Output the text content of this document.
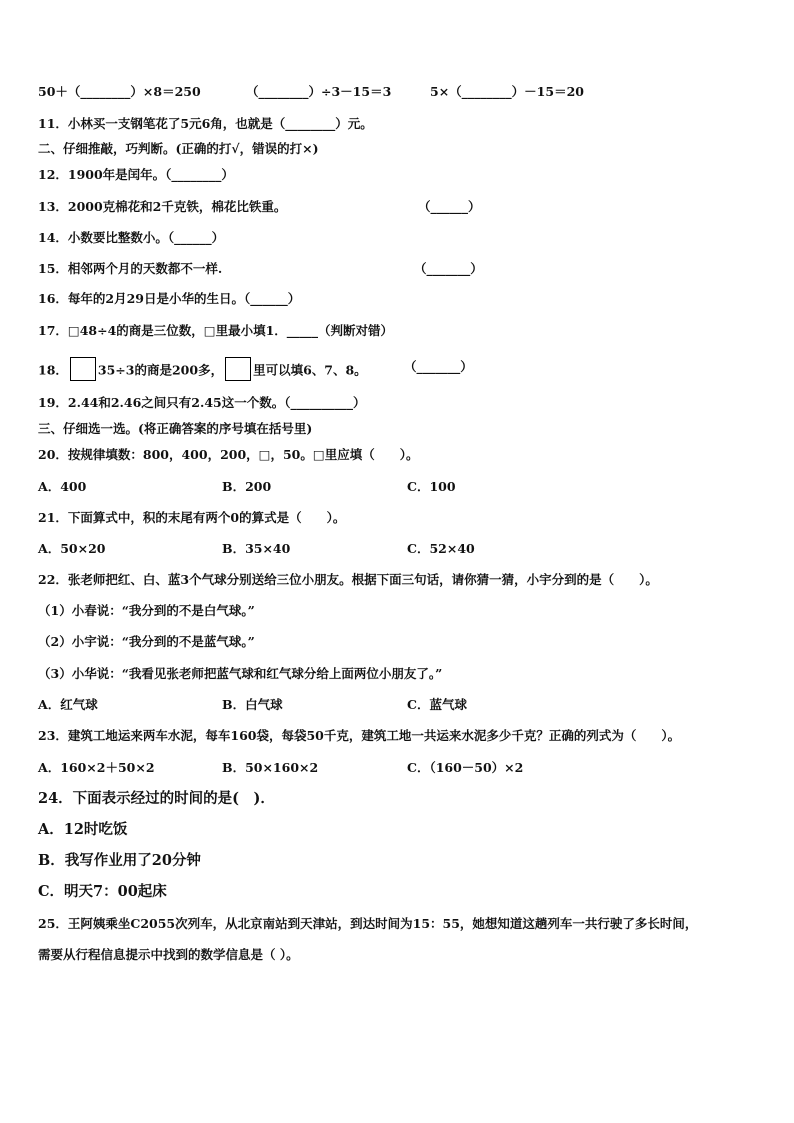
50＋（________）×8＝250	（________）÷3－15＝3	5×（________）－15＝20
11．小林买一支钢笔花了5元6角，也就是（________）元。
二、仔细推敲，巧判断。(正确的打√，错误的打×)
12．1900年是闰年。（________）
13．2000克棉花和2千克铁，棉花比铁重。	（______）
14．小数要比整数小。（______）
15．相邻两个月的天数都不一样.	（_______）
16．每年的2月29日是小华的生日。（______）
17．□48÷4的商是三位数，□里最小填1．_____（判断对错）
18． 35÷3的商是200多， 里可以填6、7、8。	（_______）
19．2.44和2.46之间只有2.45这一个数。（__________）
三、仔细选一选。(将正确答案的序号填在括号里)
20．按规律填数：800，400，200，□，50。□里应填（　　）。
A．400	B．200	C．100
21．下面算式中，积的末尾有两个0的算式是（　　）。
A．50×20	B．35×40	C．52×40
22．张老师把红、白、蓝3个气球分别送给三位小朋友。根据下面三句话，请你猜一猜，小宇分到的是（　　）。
（1）小春说：“我分到的不是白气球。”
（2）小宇说：“我分到的不是蓝气球。”
（3）小华说：“我看见张老师把蓝气球和红气球分给上面两位小朋友了。”
A．红气球	B．白气球	C．蓝气球
23．建筑工地运来两车水泥，每车160袋，每袋50千克，建筑工地一共运来水泥多少千克？正确的列式为（　　）。
A．160×2＋50×2	B．50×160×2	C．（160－50）×2
24．下面表示经过的时间的是(　)．
A．12时吃饭
B．我写作业用了20分钟
C．明天7：00起床
25．王阿姨乘坐C2055次列车，从北京南站到天津站，到达时间为15：55，她想知道这趟列车一共行驶了多长时间，
需要从行程信息提示中找到的数学信息是（ ）。
